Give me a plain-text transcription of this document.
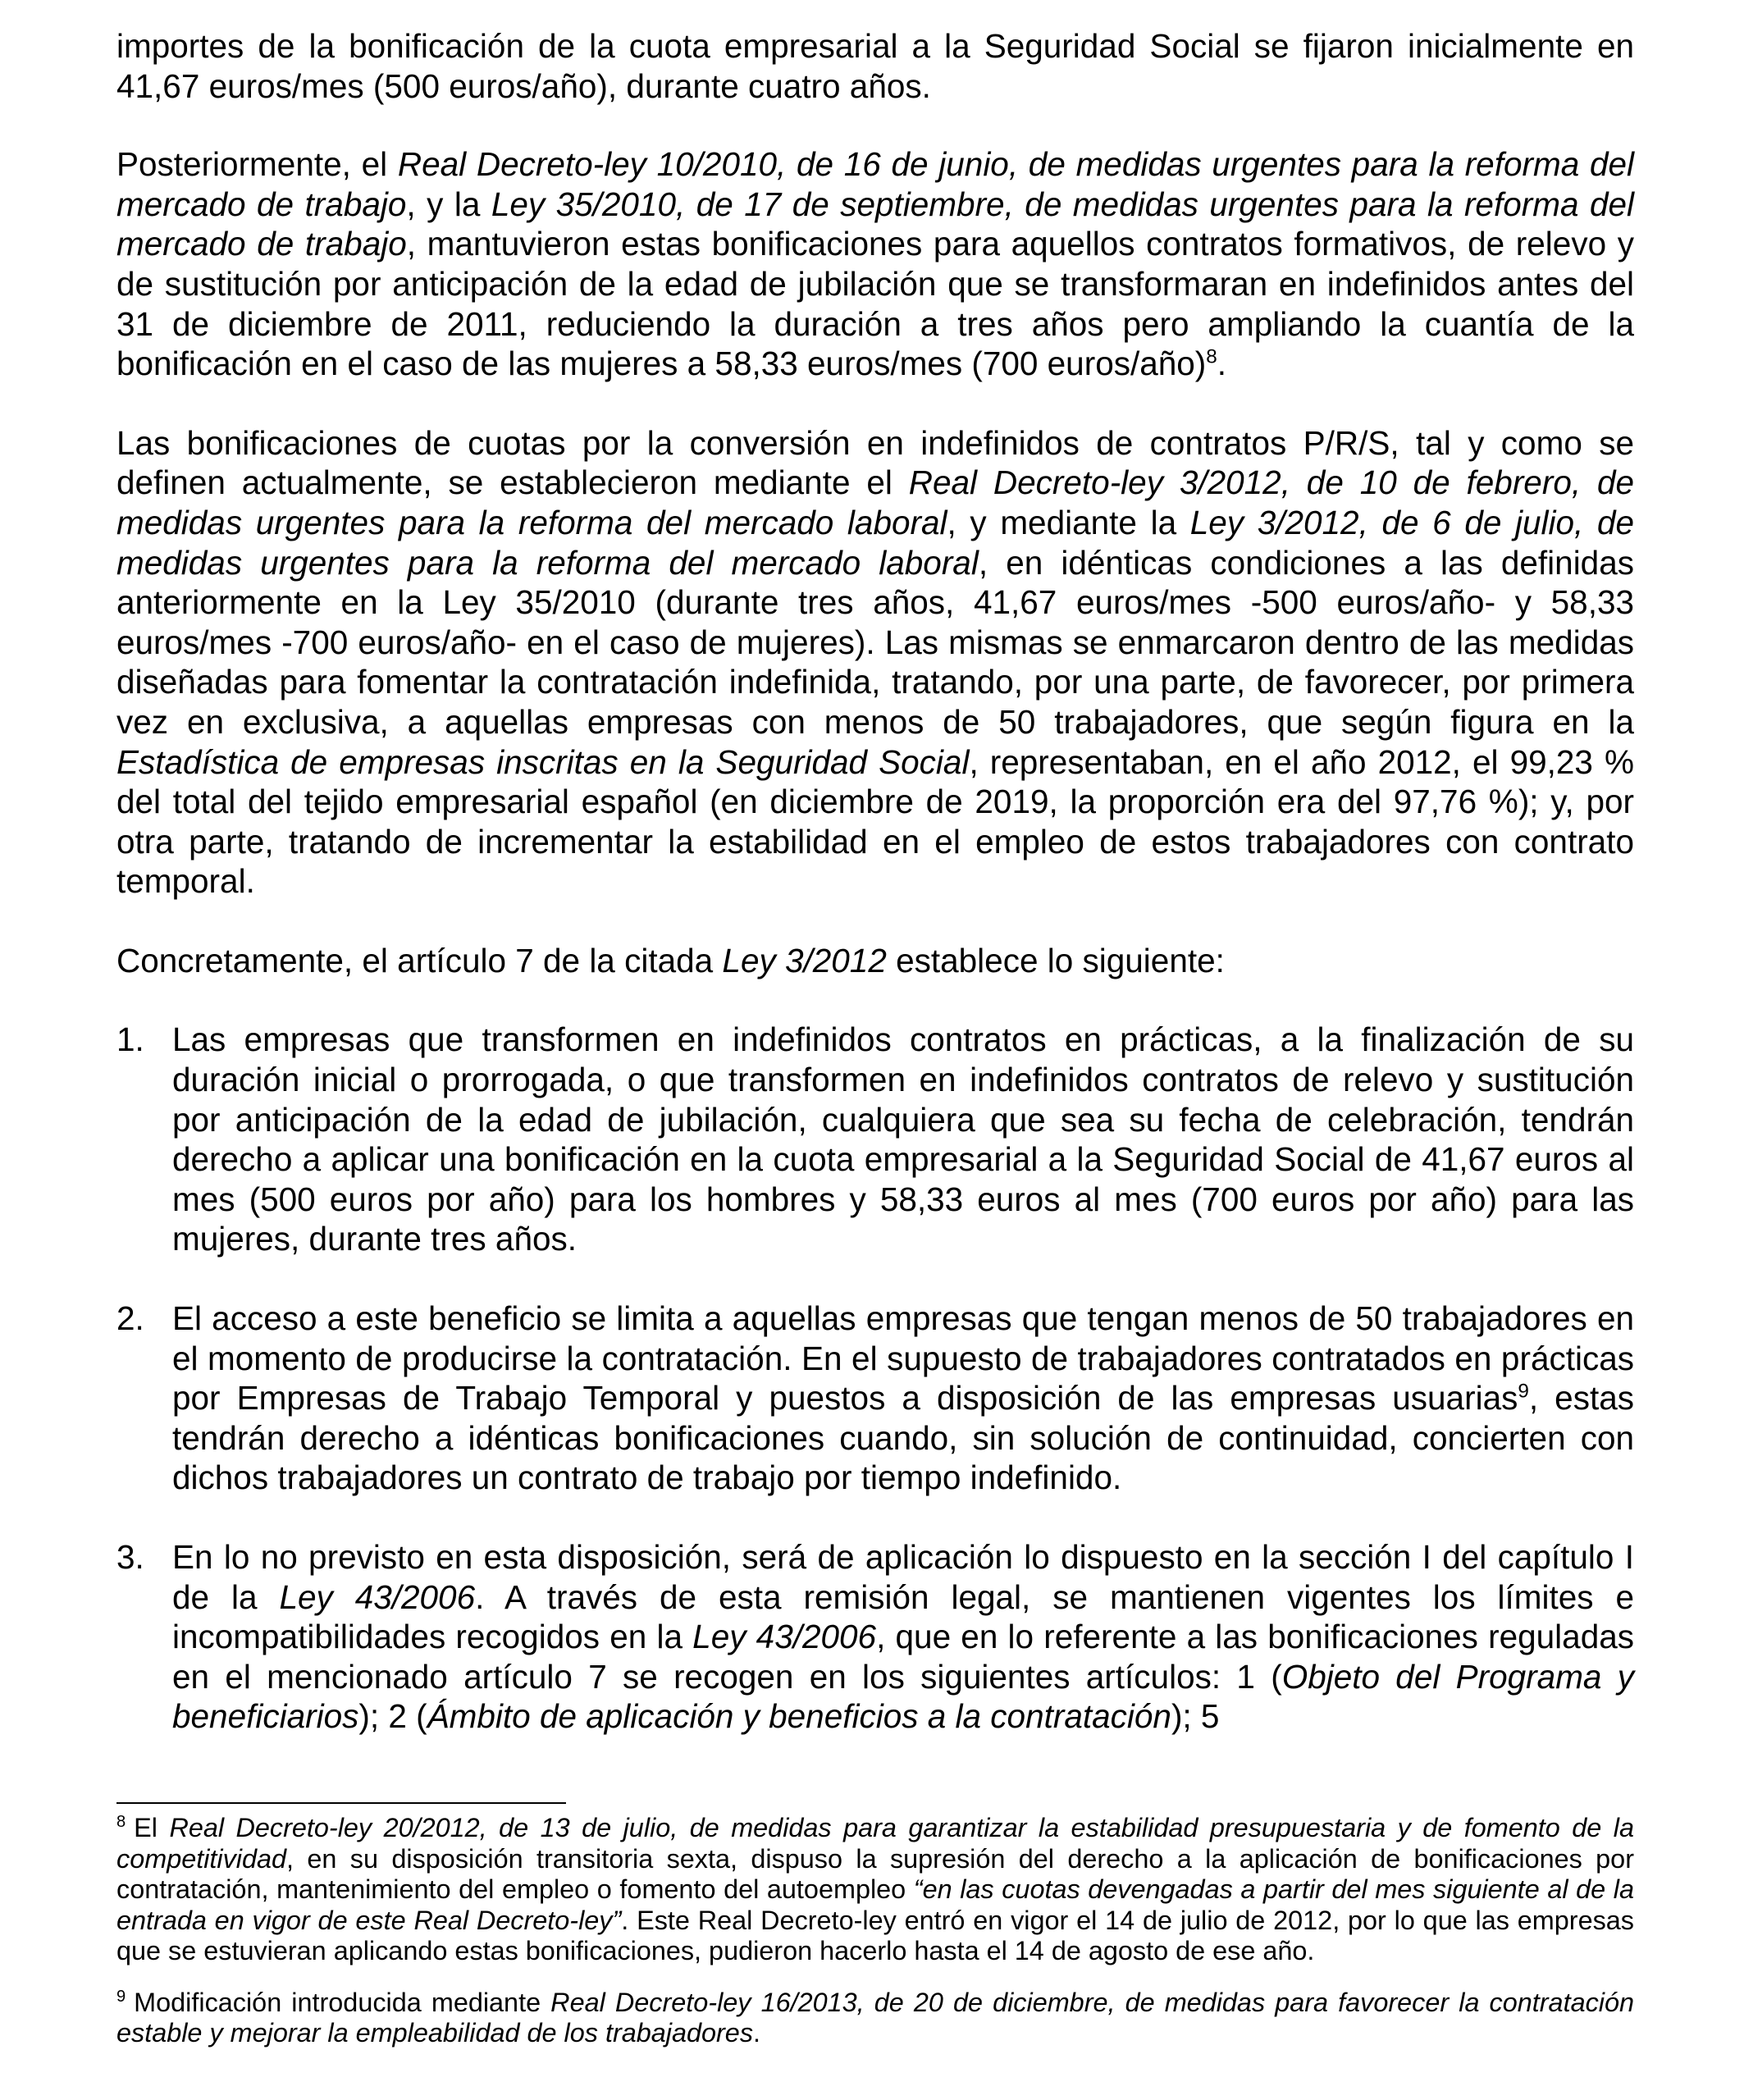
importes de la bonificación de la cuota empresarial a la Seguridad Social se fijaron inicialmente en 41,67 euros/mes (500 euros/año), durante cuatro años.

Posteriormente, el Real Decreto-ley 10/2010, de 16 de junio, de medidas urgentes para la reforma del mercado de trabajo, y la Ley 35/2010, de 17 de septiembre, de medidas urgentes para la reforma del mercado de trabajo, mantuvieron estas bonificaciones para aquellos contratos formativos, de relevo y de sustitución por anticipación de la edad de jubilación que se transformaran en indefinidos antes del 31 de diciembre de 2011, reduciendo la duración a tres años pero ampliando la cuantía de la bonificación en el caso de las mujeres a 58,33 euros/mes (700 euros/año)$^8$.

Las bonificaciones de cuotas por la conversión en indefinidos de contratos P/R/S, tal y como se definen actualmente, se establecieron mediante el Real Decreto-ley 3/2012, de 10 de febrero, de medidas urgentes para la reforma del mercado laboral, y mediante la Ley 3/2012, de 6 de julio, de medidas urgentes para la reforma del mercado laboral, en idénticas condiciones a las definidas anteriormente en la Ley 35/2010 (durante tres años, 41,67 euros/mes -500 euros/año- y 58,33 euros/mes -700 euros/año- en el caso de mujeres). Las mismas se enmarcaron dentro de las medidas diseñadas para fomentar la contratación indefinida, tratando, por una parte, de favorecer, por primera vez en exclusiva, a aquellas empresas con menos de 50 trabajadores, que según figura en la Estadística de empresas inscritas en la Seguridad Social, representaban, en el año 2012, el 99,23 % del total del tejido empresarial español (en diciembre de 2019, la proporción era del 97,76 %); y, por otra parte, tratando de incrementar la estabilidad en el empleo de estos trabajadores con contrato temporal.

Concretamente, el artículo 7 de la citada Ley 3/2012 establece lo siguiente:

1. Las empresas que transformen en indefinidos contratos en prácticas, a la finalización de su duración inicial o prorrogada, o que transformen en indefinidos contratos de relevo y sustitución por anticipación de la edad de jubilación, cualquiera que sea su fecha de celebración, tendrán derecho a aplicar una bonificación en la cuota empresarial a la Seguridad Social de 41,67 euros al mes (500 euros por año) para los hombres y 58,33 euros al mes (700 euros por año) para las mujeres, durante tres años.
2. El acceso a este beneficio se limita a aquellas empresas que tengan menos de 50 trabajadores en el momento de producirse la contratación. En el supuesto de trabajadores contratados en prácticas por Empresas de Trabajo Temporal y puestos a disposición de las empresas usuarias$^9$, estas tendrán derecho a idénticas bonificaciones cuando, sin solución de continuidad, concierten con dichos trabajadores un contrato de trabajo por tiempo indefinido.
3. En lo no previsto en esta disposición, será de aplicación lo dispuesto en la sección I del capítulo I de la Ley 43/2006. A través de esta remisión legal, se mantienen vigentes los límites e incompatibilidades recogidos en la Ley 43/2006, que en lo referente a las bonificaciones reguladas en el mencionado artículo 7 se recogen en los siguientes artículos: 1 (Objeto del Programa y beneficiarios); 2 (Ámbito de aplicación y beneficios a la contratación); 5

$^8$ El Real Decreto-ley 20/2012, de 13 de julio, de medidas para garantizar la estabilidad presupuestaria y de fomento de la competitividad, en su disposición transitoria sexta, dispuso la supresión del derecho a la aplicación de bonificaciones por contratación, mantenimiento del empleo o fomento del autoempleo “en las cuotas devengadas a partir del mes siguiente al de la entrada en vigor de este Real Decreto-ley”. Este Real Decreto-ley entró en vigor el 14 de julio de 2012, por lo que las empresas que se estuvieran aplicando estas bonificaciones, pudieron hacerlo hasta el 14 de agosto de ese año.

$^9$ Modificación introducida mediante Real Decreto-ley 16/2013, de 20 de diciembre, de medidas para favorecer la contratación estable y mejorar la empleabilidad de los trabajadores.
